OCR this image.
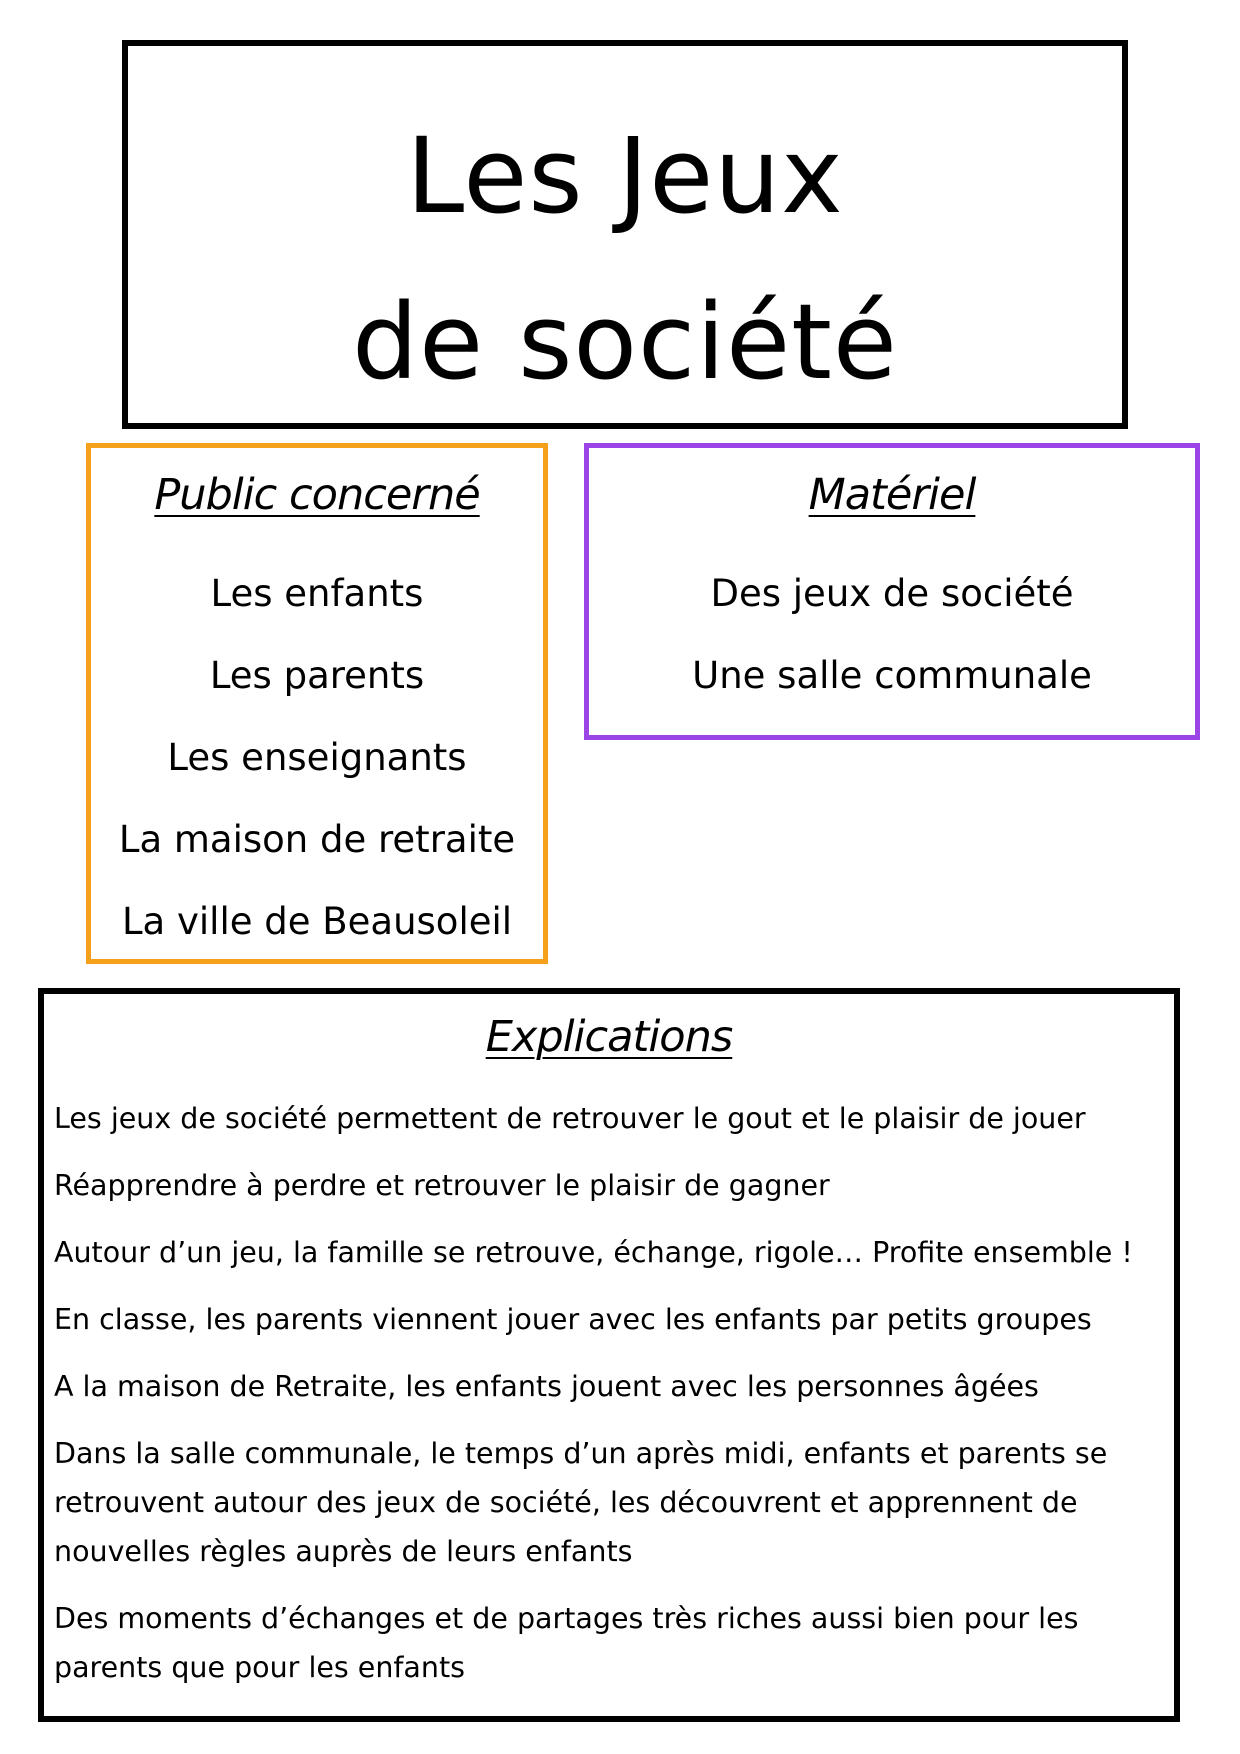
Les Jeux
de société
Public concerné
Les enfants
Les parents
Les enseignants
La maison de retraite
La ville de Beausoleil
Matériel
Des jeux de société
Une salle communale
Explications
Les jeux de société permettent de retrouver le gout et le plaisir de jouer
Réapprendre à perdre et retrouver le plaisir de gagner
Autour d’un jeu, la famille se retrouve, échange, rigole… Profite ensemble !
En classe, les parents viennent jouer avec les enfants par petits groupes
A la maison de Retraite, les enfants jouent avec les personnes âgées
Dans la salle communale, le temps d’un après midi, enfants et parents se retrouvent autour des jeux de société, les découvrent et apprennent de nouvelles règles auprès de leurs enfants
Des moments d’échanges et de partages très riches aussi bien pour les parents que pour les enfants
